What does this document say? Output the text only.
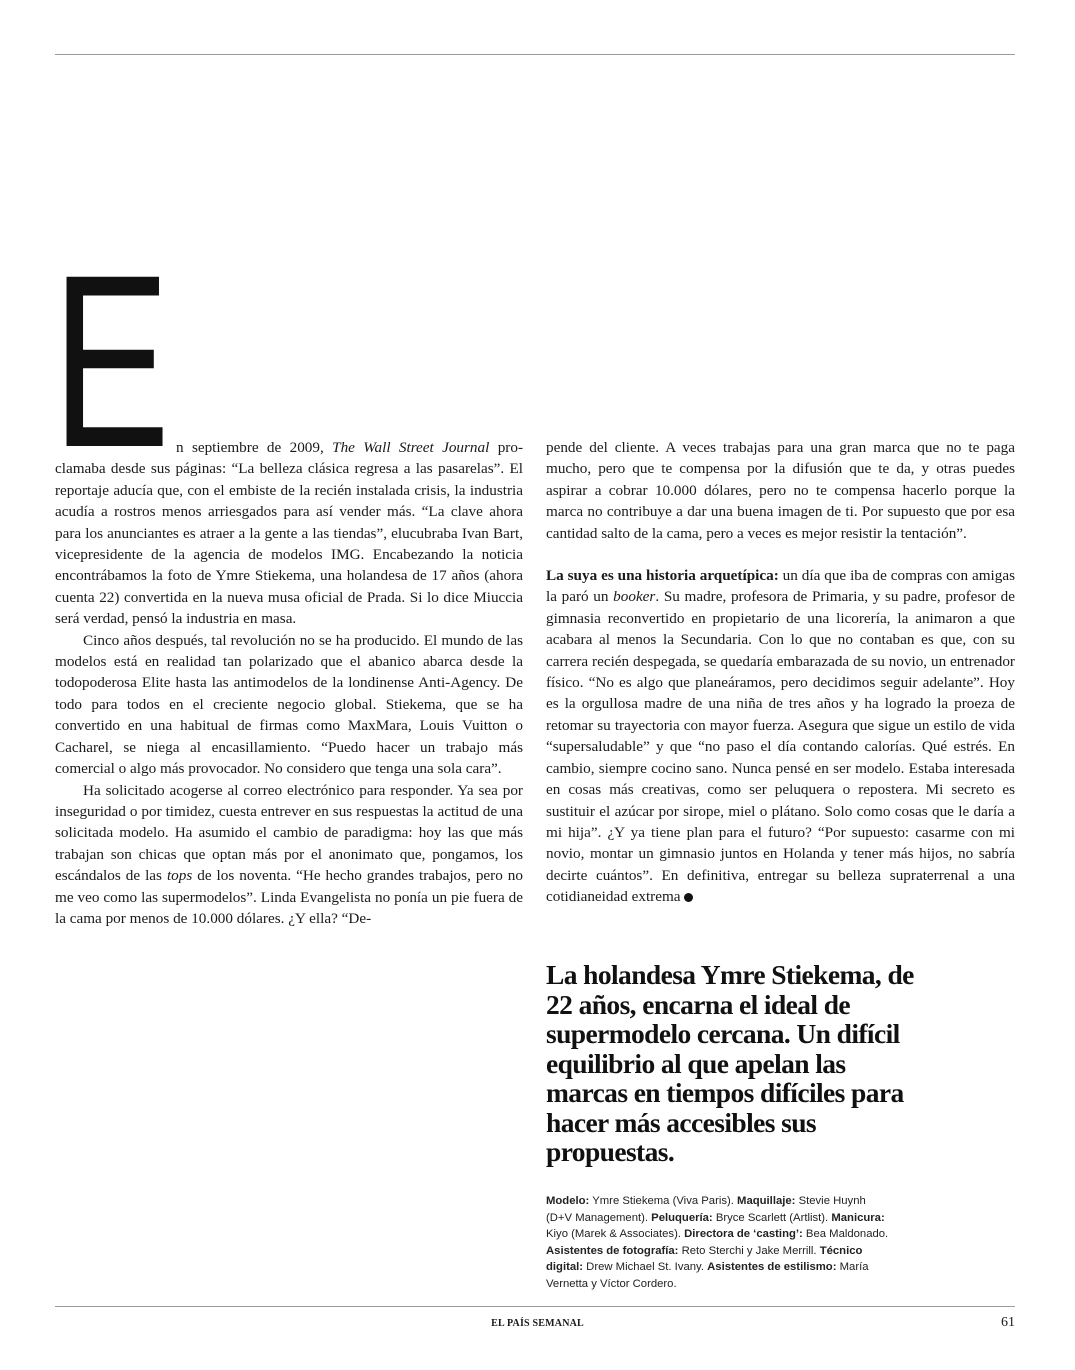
E n septiembre de 2009, The Wall Street Journal proclamaba desde sus páginas: “La belleza clásica regresa a las pasarelas”. El reportaje aducía que, con el embiste de la recién instalada crisis, la industria acudía a rostros menos arriesgados para así vender más. “La clave ahora para los anunciantes es atraer a la gente a las tiendas”, elucubraba Ivan Bart, vicepresidente de la agencia de modelos IMG. Encabezando la noticia encontrábamos la foto de Ymre Stiekema, una holandesa de 17 años (ahora cuenta 22) convertida en la nueva musa oficial de Prada. Si lo dice Miuccia será verdad, pensó la industria en masa.

Cinco años después, tal revolución no se ha producido. El mundo de las modelos está en realidad tan polarizado que el abanico abarca desde la todopoderosa Elite hasta las antimodelos de la londinense Anti-Agency. De todo para todos en el creciente negocio global. Stiekema, que se ha convertido en una habitual de firmas como MaxMara, Louis Vuitton o Cacharel, se niega al encasillamiento. “Puedo hacer un trabajo más comercial o algo más provocador. No considero que tenga una sola cara”.

Ha solicitado acogerse al correo electrónico para responder. Ya sea por inseguridad o por timidez, cuesta entrever en sus respuestas la actitud de una solicitada modelo. Ha asumido el cambio de paradigma: hoy las que más trabajan son chicas que optan más por el anonimato que, pongamos, los escándalos de las tops de los noventa. “He hecho grandes trabajos, pero no me veo como las supermodelos”. Linda Evangelista no ponía un pie fuera de la cama por menos de 10.000 dólares. ¿Y ella? “De-

pende del cliente. A veces trabajas para una gran marca que no te paga mucho, pero que te compensa por la difusión que te da, y otras puedes aspirar a cobrar 10.000 dólares, pero no te compensa hacerlo porque la marca no contribuye a dar una buena imagen de ti. Por supuesto que por esa cantidad salto de la cama, pero a veces es mejor resistir la tentación”.

La suya es una historia arquetípica: un día que iba de compras con amigas la paró un booker. Su madre, profesora de Primaria, y su padre, profesor de gimnasia reconvertido en propietario de una licorería, la animaron a que acabara al menos la Secundaria. Con lo que no contaban es que, con su carrera recién despegada, se quedaría embarazada de su novio, un entrenador físico. “No es algo que planeáramos, pero decidimos seguir adelante”. Hoy es la orgullosa madre de una niña de tres años y ha logrado la proeza de retomar su trayectoria con mayor fuerza. Asegura que sigue un estilo de vida “supersaludable” y que “no paso el día contando calorías. Qué estrés. En cambio, siempre cocino sano. Nunca pensé en ser modelo. Estaba interesada en cosas más creativas, como ser peluquera o repostera. Mi secreto es sustituir el azúcar por sirope, miel o plátano. Solo como cosas que le daría a mi hija”. ¿Y ya tiene plan para el futuro? “Por supuesto: casarme con mi novio, montar un gimnasio juntos en Holanda y tener más hijos, no sabría decirte cuántos”. En definitiva, entregar su belleza supraterrenal a una cotidianeidad extrema

La holandesa Ymre Stiekema, de 22 años, encarna el ideal de supermodelo cercana. Un difícil equilibrio al que apelan las marcas en tiempos difíciles para hacer más accesibles sus propuestas.
Modelo: Ymre Stiekema (Viva Paris). Maquillaje: Stevie Huynh (D+V Management). Peluquería: Bryce Scarlett (Artlist). Manicura: Kiyo (Marek & Associates). Directora de ‘casting’: Bea Maldonado. Asistentes de fotografía: Reto Sterchi y Jake Merrill. Técnico digital: Drew Michael St. Ivany. Asistentes de estilismo: María Vernetta y Víctor Cordero.
EL PAÍS SEMANAL	61
